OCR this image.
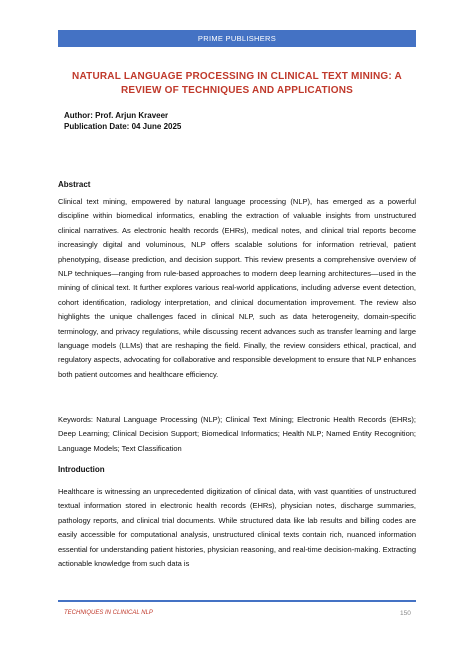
PRIME PUBLISHERS
NATURAL LANGUAGE PROCESSING IN CLINICAL TEXT MINING: A REVIEW OF TECHNIQUES AND APPLICATIONS
Author: Prof. Arjun Kraveer
Publication Date: 04 June 2025
Abstract

Clinical text mining, empowered by natural language processing (NLP), has emerged as a powerful discipline within biomedical informatics, enabling the extraction of valuable insights from unstructured clinical narratives. As electronic health records (EHRs), medical notes, and clinical trial reports become increasingly digital and voluminous, NLP offers scalable solutions for information retrieval, patient phenotyping, disease prediction, and decision support. This review presents a comprehensive overview of NLP techniques—ranging from rule-based approaches to modern deep learning architectures—used in the mining of clinical text. It further explores various real-world applications, including adverse event detection, cohort identification, radiology interpretation, and clinical documentation improvement. The review also highlights the unique challenges faced in clinical NLP, such as data heterogeneity, domain-specific terminology, and privacy regulations, while discussing recent advances such as transfer learning and large language models (LLMs) that are reshaping the field. Finally, the review considers ethical, practical, and regulatory aspects, advocating for collaborative and responsible development to ensure that NLP enhances both patient outcomes and healthcare efficiency.

Keywords: Natural Language Processing (NLP); Clinical Text Mining; Electronic Health Records (EHRs); Deep Learning; Clinical Decision Support; Biomedical Informatics; Health NLP; Named Entity Recognition; Language Models; Text Classification

Introduction

Healthcare is witnessing an unprecedented digitization of clinical data, with vast quantities of unstructured textual information stored in electronic health records (EHRs), physician notes, discharge summaries, pathology reports, and clinical trial documents. While structured data like lab results and billing codes are easily accessible for computational analysis, unstructured clinical texts contain rich, nuanced information essential for understanding patient histories, physician reasoning, and real-time decision-making. Extracting actionable knowledge from such data is

TECHNIQUES IN CLINICAL NLP	150
